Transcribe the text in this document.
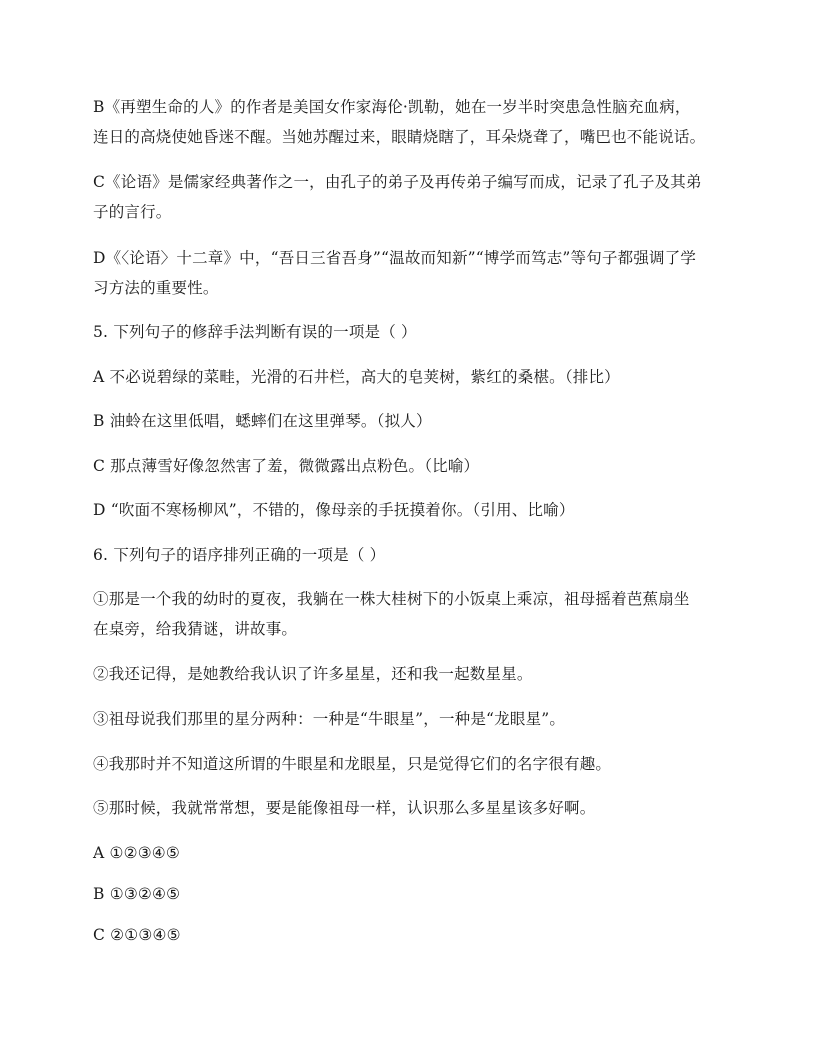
B《再塑生命的人》的作者是美国女作家海伦·凯勒，她在一岁半时突患急性脑充血病，

连日的高烧使她昏迷不醒。当她苏醒过来，眼睛烧瞎了，耳朵烧聋了，嘴巴也不能说话。

C《论语》是儒家经典著作之一，由孔子的弟子及再传弟子编写而成，记录了孔子及其弟

子的言行。

D《〈论语〉十二章》中，“吾日三省吾身”“温故而知新”“博学而笃志”等句子都强调了学

习方法的重要性。

5. 下列句子的修辞手法判断有误的一项是（ ）

A 不必说碧绿的菜畦，光滑的石井栏，高大的皂荚树，紫红的桑椹。（排比）

B 油蛉在这里低唱，蟋蟀们在这里弹琴。（拟人）

C 那点薄雪好像忽然害了羞，微微露出点粉色。（比喻）

D “吹面不寒杨柳风”，不错的，像母亲的手抚摸着你。（引用、比喻）

6. 下列句子的语序排列正确的一项是（ ）

①那是一个我的幼时的夏夜，我躺在一株大桂树下的小饭桌上乘凉，祖母摇着芭蕉扇坐

在桌旁，给我猜谜，讲故事。

②我还记得，是她教给我认识了许多星星，还和我一起数星星。

③祖母说我们那里的星分两种：一种是“牛眼星”，一种是“龙眼星”。

④我那时并不知道这所谓的牛眼星和龙眼星，只是觉得它们的名字很有趣。

⑤那时候，我就常常想，要是能像祖母一样，认识那么多星星该多好啊。

A ①②③④⑤

B ①③②④⑤

C ②①③④⑤
